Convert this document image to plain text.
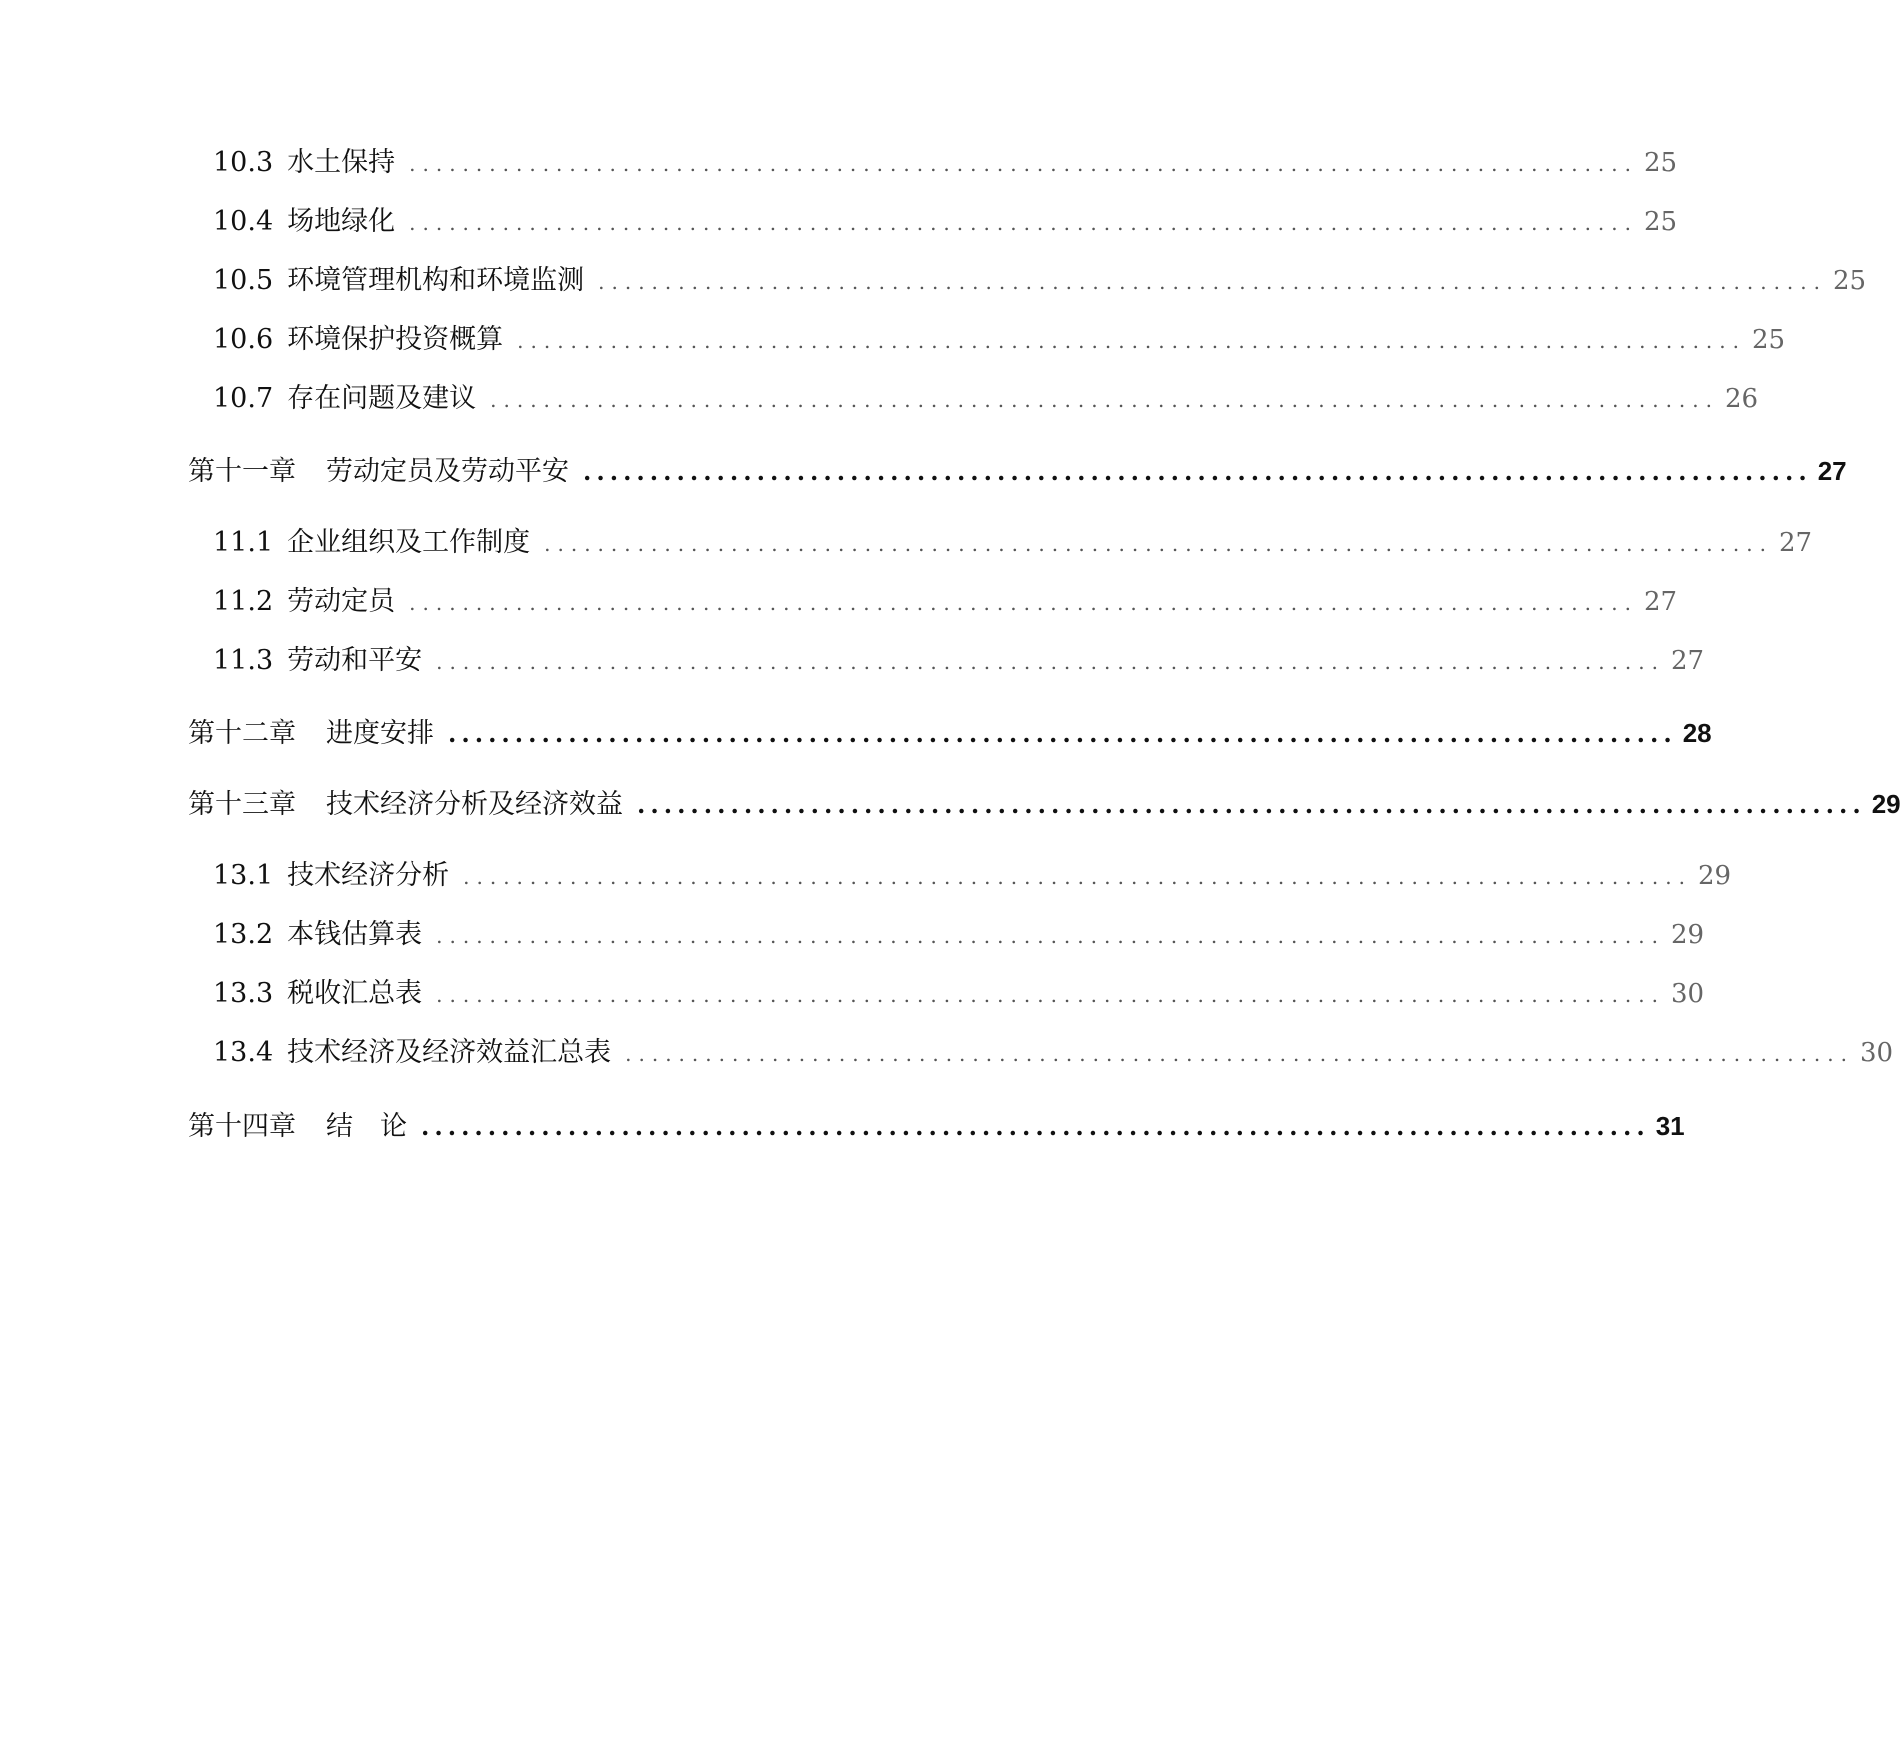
10.3 水土保持 ............................................................................................ 25
10.4 场地绿化 ............................................................................................ 25
10.5 环境管理机构和环境监测 ............................................................................................ 25
10.6 环境保护投资概算 ............................................................................................ 25
10.7 存在问题及建议 ............................................................................................ 26
第十一章 劳动定员及劳动平安 ............................................................................................ 27
11.1 企业组织及工作制度 ............................................................................................ 27
11.2 劳动定员 ............................................................................................ 27
11.3 劳动和平安 ............................................................................................ 27
第十二章 进度安排 ............................................................................................ 28
第十三章 技术经济分析及经济效益 ............................................................................................ 29
13.1 技术经济分析 ............................................................................................ 29
13.2 本钱估算表 ............................................................................................ 29
13.3 税收汇总表 ............................................................................................ 30
13.4 技术经济及经济效益汇总表 ............................................................................................ 30
第十四章 结　论 ............................................................................................ 31
